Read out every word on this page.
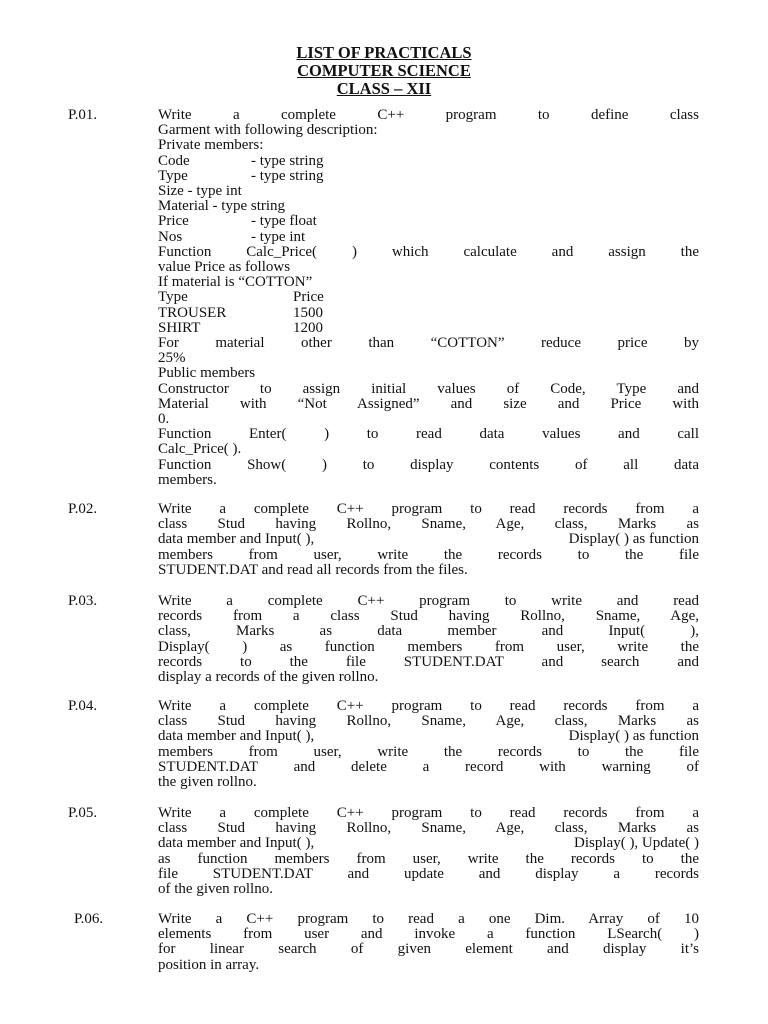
LIST OF PRACTICALS
COMPUTER SCIENCE
CLASS – XII
P.01.	Write a complete C++ program to define class
Garment with following description:
Private members:
Code	- type string
Type	- type string
Size - type int
Material - type string
Price	- type float
Nos	- type int
Function Calc_Price( ) which calculate and assign the
value Price as follows
If material is “COTTON”
Type	Price
TROUSER	1500
SHIRT	1200
For material other than “COTTON” reduce price by
25%
Public members
Constructor to assign initial values of Code, Type and
Material with “Not Assigned” and size and Price with
0.
Function Enter( ) to read data values and call
Calc_Price( ).
Function Show( ) to display contents of all data
members.
P.02.	Write a complete C++ program to read records from a
class Stud having Rollno, Sname, Age, class, Marks as
data member and Input( ),	Display( ) as function
members from user, write the records to the file
STUDENT.DAT and read all records from the files.
P.03.	Write a complete C++ program to write and read
records from a class Stud having Rollno, Sname, Age,
class, Marks as data member and Input( ),
Display( ) as function members from user, write the
records to the file STUDENT.DAT and search and
display a records of the given rollno.
P.04.	Write a complete C++ program to read records from a
class Stud having Rollno, Sname, Age, class, Marks as
data member and Input( ),	Display( ) as function
members from user, write the records to the file
STUDENT.DAT and delete a record with warning of
the given rollno.
P.05.	Write a complete C++ program to read records from a
class Stud having Rollno, Sname, Age, class, Marks as
data member and Input( ),	Display( ), Update( )
as function members from user, write the records to the
file STUDENT.DAT and update and display a records
of the given rollno.
P.06.	Write a C++ program to read a one Dim. Array of 10
elements from user and invoke a function LSearch( )
for linear search of given element and display it’s
position in array.
